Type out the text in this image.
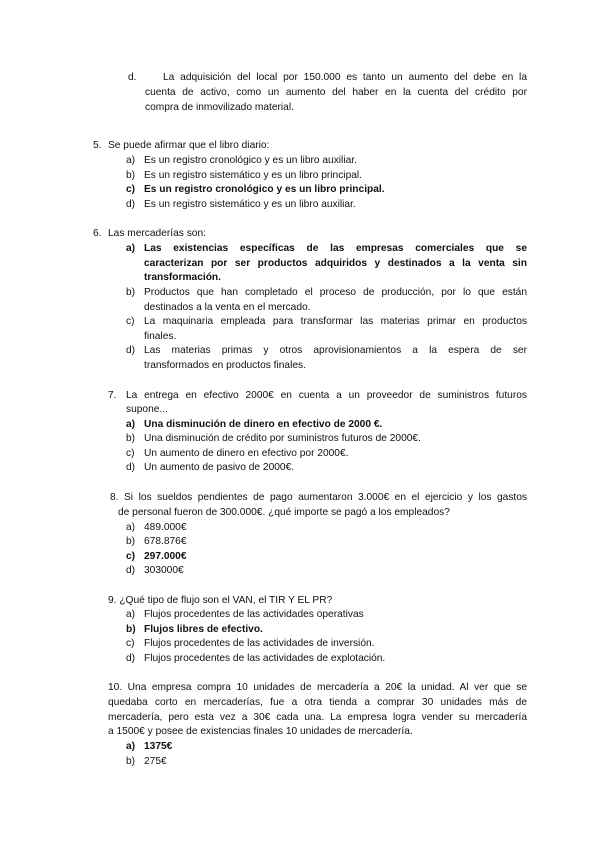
d.	La adquisición del local por 150.000 es tanto un aumento del debe en la
cuenta de activo, como un aumento del haber en la cuenta del crédito por
compra de inmovilizado material.
5. Se puede afirmar que el libro diario:
a) Es un registro cronológico y es un libro auxiliar.
b) Es un registro sistemático y es un libro principal.
c) Es un registro cronológico y es un libro principal.
d) Es un registro sistemático y es un libro auxiliar.
6. Las mercaderías son:
a) Las existencias específicas de las empresas comerciales que se
caracterizan por ser productos adquiridos y destinados a la venta sin
transformación.
b) Productos que han completado el proceso de producción, por lo que están
destinados a la venta en el mercado.
c) La maquinaria empleada para transformar las materias primar en productos
finales.
d) Las materias primas y otros aprovisionamientos a la espera de ser
transformados en productos finales.
7. La entrega en efectivo 2000€ en cuenta a un proveedor de suministros futuros
supone...
a) Una disminución de dinero en efectivo de 2000 €.
b) Una disminución de crédito por suministros futuros de 2000€.
c) Un aumento de dinero en efectivo por 2000€.
d) Un aumento de pasivo de 2000€.
8. Si los sueldos pendientes de pago aumentaron 3.000€ en el ejercicio y los gastos
de personal fueron de 300.000€. ¿qué importe se pagó a los empleados?
a) 489.000€
b) 678.876€
c) 297.000€
d) 303000€
9. ¿Qué tipo de flujo son el VAN, el TIR Y EL PR?
a) Flujos procedentes de las actividades operativas
b) Flujos libres de efectivo.
c) Flujos procedentes de las actividades de inversión.
d) Flujos procedentes de las actividades de explotación.
10. Una empresa compra 10 unidades de mercadería a 20€ la unidad. Al ver que se
quedaba corto en mercaderías, fue a otra tienda a comprar 30 unidades más de
mercadería, pero esta vez a 30€ cada una. La empresa logra vender su mercadería
a 1500€ y posee de existencias finales 10 unidades de mercadería.
a) 1375€
b) 275€
